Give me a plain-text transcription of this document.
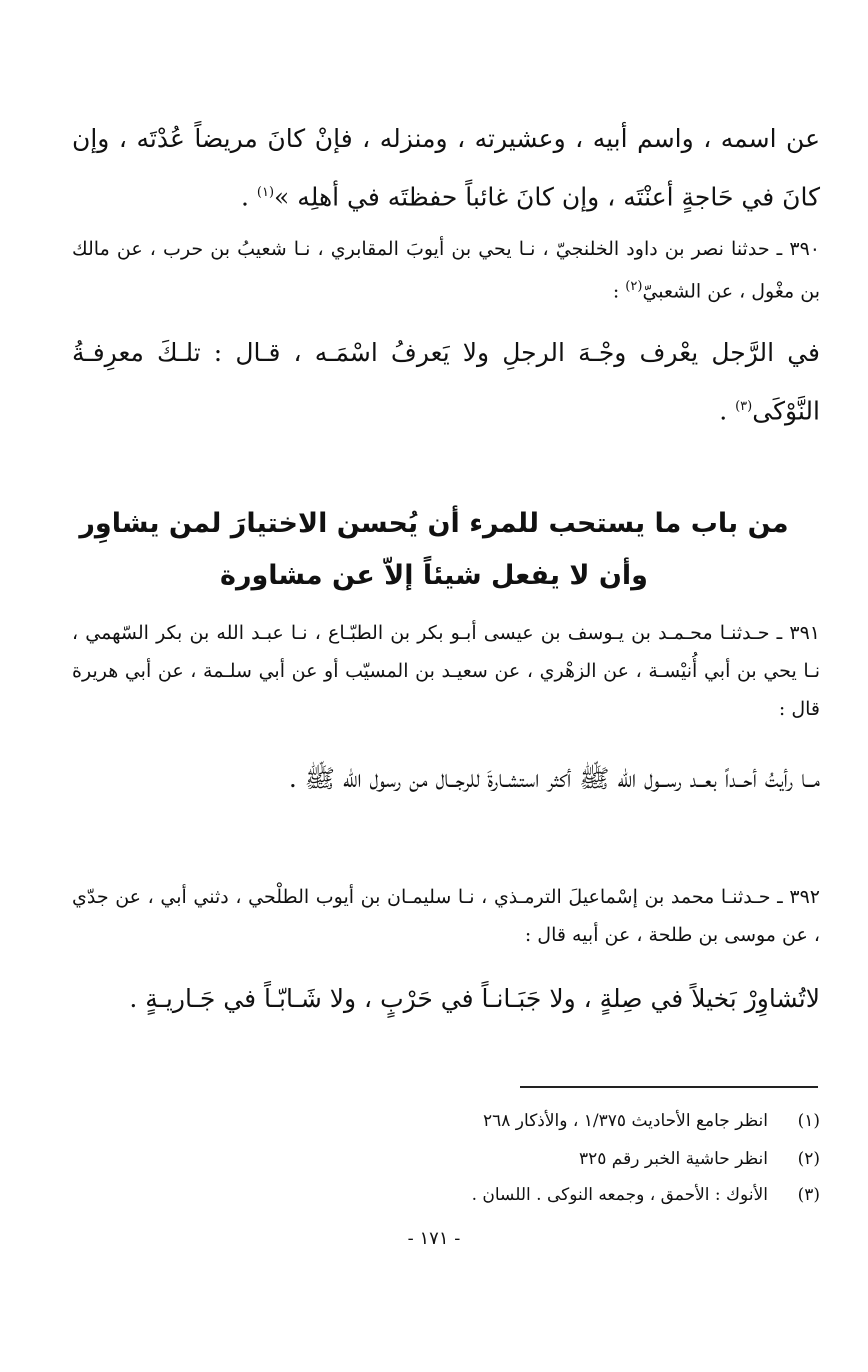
عن اسمه ، واسم أبيه ، وعشيرته ، ومنزله ، فإنْ كانَ مريضاً عُدْتَه ، وإن كانَ في حَاجةٍ أعنْتَه ، وإن كانَ غائباً حفظتَه في أهلِه »$^{(١)}$ .
٣٩٠ ـ حدثنا نصر بن داود الخلنجيّ ، نـا يحي بن أيوبَ المقابري ، نـا شعيبُ بن حرب ، عن مالك بن مغْول ، عن الشعبيّ$^{(٢)}$ :
في الرَّجل يعْرف وجْـهَ الرجلِ ولا يَعرفُ اسْمَـه ، قـال : تلـكَ معرِفـةُ النَّوْكَى$^{(٣)}$ .
من باب ما يستحب للمرء أن يُحسن الاختيارَ لمن يشاوِر
وأن لا يفعل شيئاً إلاّ عن مشاورة
٣٩١ ـ حـدثنـا محـمـد بن يـوسف بن عيسى أبـو بكر بن الطبّـاع ، نـا عبـد الله بن بكر السّهمي ، نـا يحي بن أبي أُنيْسـة ، عن الزهْري ، عن سعيـد بن المسيّب أو عن أبي سلـمة ، عن أبي هريرة قال :
مــا رأيتُ أحــداً بعــد رســول الله ﷺ أكثر استشـارةَ للرجــال من رسول الله ﷺ .
٣٩٢ ـ حـدثنـا محمد بن إسْماعيلَ الترمـذي ، نـا سليمـان بن أيوب الطلْحي ، دثني أبي ، عن جدّي ، عن موسى بن طلحة ، عن أبيه قال :
لاتُشاوِرْ بَخيلاً في صِلةٍ ، ولا جَبَـانـاً في حَرْبٍ ، ولا شَـابّـاً في جَـاريـةٍ .
(١)انظر جامع الأحاديث ١/٣٧٥ ، والأذكار ٢٦٨
(٢)انظر حاشية الخبر رقم ٣٢٥
(٣)الأنوك : الأحمق ، وجمعه النوكى . اللسان .
- ١٧١ -
